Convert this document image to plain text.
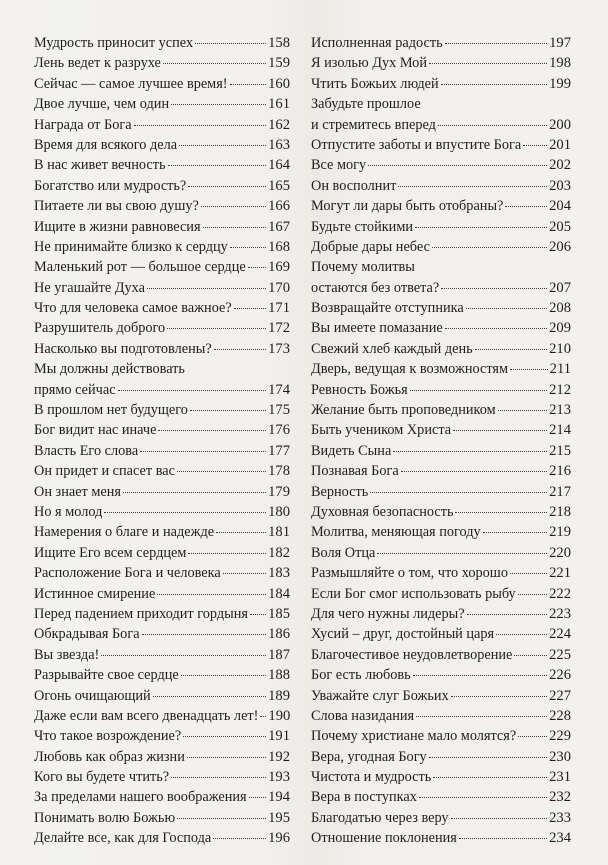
Мудрость приносит успех	158
Лень ведет к разрухе	159
Сейчас — самое лучшее время!	160
Двое лучше, чем один	161
Награда от Бога	162
Время для всякого дела	163
В нас живет вечность	164
Богатство или мудрость?	165
Питаете ли вы свою душу?	166
Ищите в жизни равновесия	167
Не принимайте близко к сердцу	168
Маленький рот — большое сердце 169
Не угашайте Духа	170
Что для человека самое важное? 171
Разрушитель доброго	172
Насколько вы подготовлены?	173
Мы должны действовать
прямо сейчас	174
В прошлом нет будущего	175
Бог видит нас иначе	176
Власть Его слова	177
Он придет и спасет вас	178
Он знает меня	179
Но я молод	180
Намерения о благе и надежде	181
Ищите Его всем сердцем	182
Расположение Бога и человека	183
Истинное смирение	184
Перед падением приходит гордыня 185
Обкрадывая Бога	186
Вы звезда!	187
Разрывайте свое сердце	188
Огонь очищающий	189
Даже если вам всего двенадцать лет! 190
Что такое возрождение?	191
Любовь как образ жизни	192
Кого вы будете чтить?	193
За пределами нашего воображения 194
Понимать волю Божью	195
Делайте все, как для Господа	196
Исполненная радость	197
Я изолью Дух Мой	198
Чтить Божьих людей	199
Забудьте прошлое
и стремитесь вперед	200
Отпустите заботы и впустите Бога 201
Все могу	202
Он восполнит	203
Могут ли дары быть отобраны?	204
Будьте стойкими	205
Добрые дары небес	206
Почему молитвы
остаются без ответа?	207
Возвращайте отступника	208
Вы имеете помазание	209
Свежий хлеб каждый день	210
Дверь, ведущая к возможностям	211
Ревность Божья	212
Желание быть проповедником	213
Быть учеником Христа	214
Видеть Сына	215
Познавая Бога	216
Верность	217
Духовная безопасность	218
Молитва, меняющая погоду	219
Воля Отца	220
Размышляйте о том, что хорошо	221
Если Бог смог использовать рыбу 222
Для чего нужны лидеры?	223
Хусий – друг, достойный царя	224
Благочестивое неудовлетворение	225
Бог есть любовь	226
Уважайте слуг Божьих	227
Слова назидания	228
Почему христиане мало молятся? 229
Вера, угодная Богу	230
Чистота и мудрость	231
Вера в поступках	232
Благодатью через веру	233
Отношение поклонения	234
